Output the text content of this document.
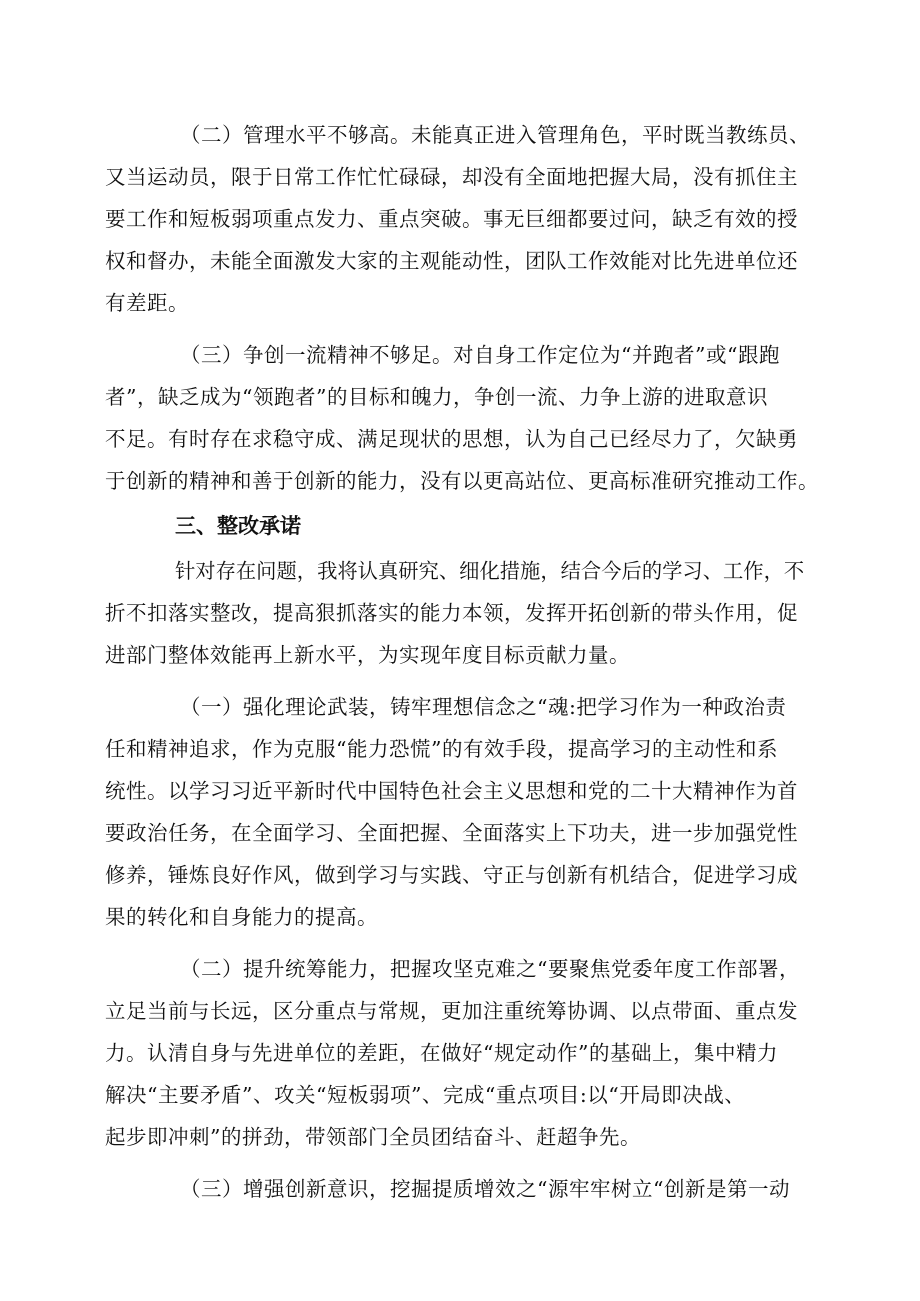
（二）管理水平不够高。未能真正进入管理角色，平时既当教练员、
又当运动员，限于日常工作忙忙碌碌，却没有全面地把握大局，没有抓住主
要工作和短板弱项重点发力、重点突破。事无巨细都要过问，缺乏有效的授
权和督办，未能全面激发大家的主观能动性，团队工作效能对比先进单位还
有差距。
（三）争创一流精神不够足。对自身工作定位为“并跑者”或“跟跑
者”，缺乏成为“领跑者”的目标和魄力，争创一流、力争上游的进取意识
不足。有时存在求稳守成、满足现状的思想，认为自己已经尽力了，欠缺勇
于创新的精神和善于创新的能力，没有以更高站位、更高标准研究推动工作。
三、整改承诺
针对存在问题，我将认真研究、细化措施，结合今后的学习、工作，不
折不扣落实整改，提高狠抓落实的能力本领，发挥开拓创新的带头作用，促
进部门整体效能再上新水平，为实现年度目标贡献力量。
（一）强化理论武装，铸牢理想信念之“魂:把学习作为一种政治责
任和精神追求，作为克服“能力恐慌”的有效手段，提高学习的主动性和系
统性。以学习习近平新时代中国特色社会主义思想和党的二十大精神作为首
要政治任务，在全面学习、全面把握、全面落实上下功夫，进一步加强党性
修养，锤炼良好作风，做到学习与实践、守正与创新有机结合，促进学习成
果的转化和自身能力的提高。
（二）提升统筹能力，把握攻坚克难之“要聚焦党委年度工作部署，
立足当前与长远，区分重点与常规，更加注重统筹协调、以点带面、重点发
力。认清自身与先进单位的差距，在做好“规定动作”的基础上，集中精力
解决“主要矛盾”、攻关“短板弱项”、完成“重点项目:以“开局即决战、
起步即冲刺”的拼劲，带领部门全员团结奋斗、赶超争先。
（三）增强创新意识，挖掘提质增效之“源牢牢树立“创新是第一动
